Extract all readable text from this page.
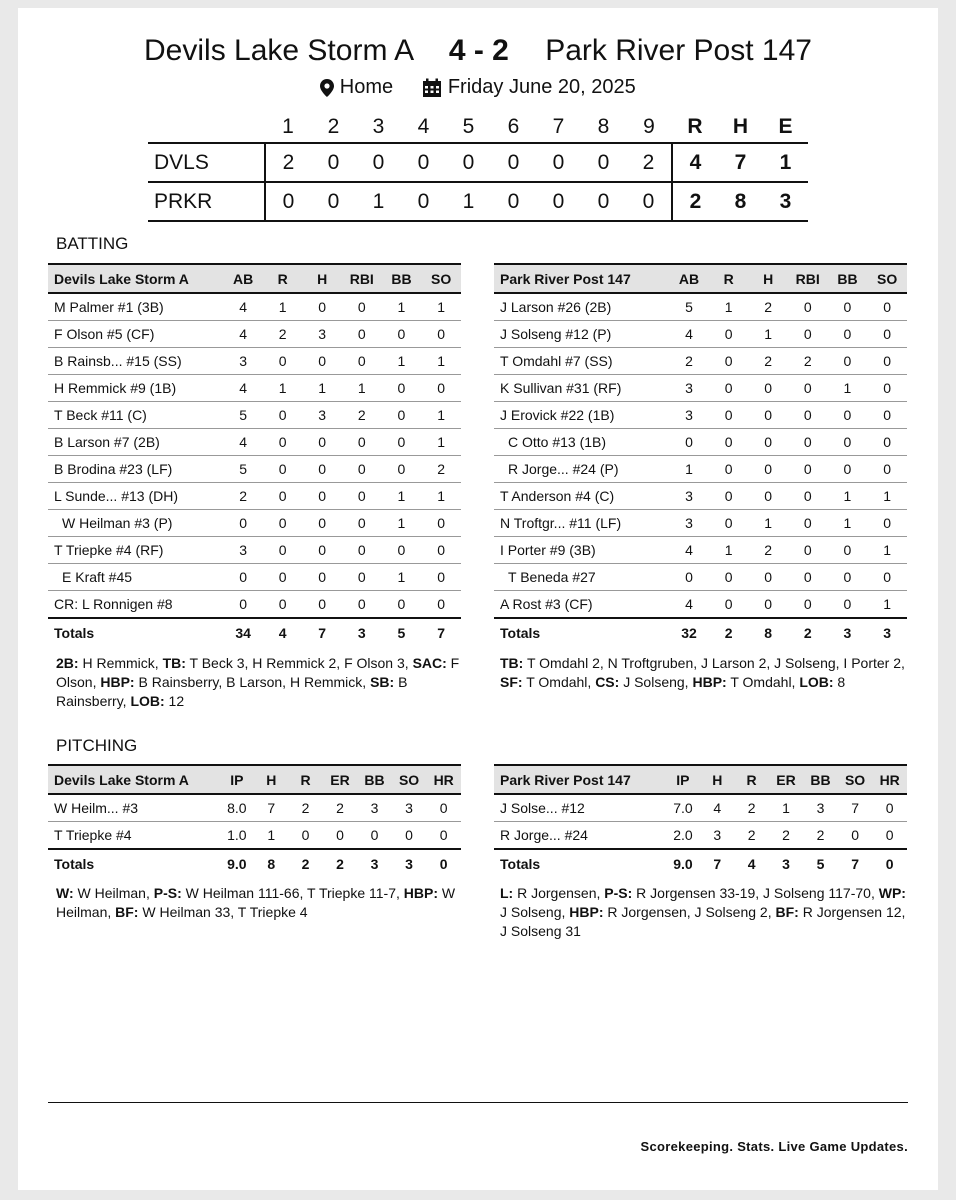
Devils Lake Storm A 4 - 2 Park River Post 147
Home	Friday June 20, 2025
	1	2	3	4	5	6	7	8	9	R	H	E
DVLS	2	0	0	0	0	0	0	0	2	4	7	1
PRKR	0	0	1	0	1	0	0	0	0	2	8	3
BATTING
Devils Lake Storm A	AB	R	H	RBI	BB	SO
M Palmer #1 (3B)	4	1	0	0	1	1
F Olson #5 (CF)	4	2	3	0	0	0
B Rainsb... #15 (SS)	3	0	0	0	1	1
H Remmick #9 (1B)	4	1	1	1	0	0
T Beck #11 (C)	5	0	3	2	0	1
B Larson #7 (2B)	4	0	0	0	0	1
B Brodina #23 (LF)	5	0	0	0	0	2
L Sunde... #13 (DH)	2	0	0	0	1	1
W Heilman #3 (P)	0	0	0	0	1	0
T Triepke #4 (RF)	3	0	0	0	0	0
E Kraft #45	0	0	0	0	1	0
CR: L Ronnigen #8	0	0	0	0	0	0
Totals	34	4	7	3	5	7
Park River Post 147	AB	R	H	RBI	BB	SO
J Larson #26 (2B)	5	1	2	0	0	0
J Solseng #12 (P)	4	0	1	0	0	0
T Omdahl #7 (SS)	2	0	2	2	0	0
K Sullivan #31 (RF)	3	0	0	0	1	0
J Erovick #22 (1B)	3	0	0	0	0	0
C Otto #13 (1B)	0	0	0	0	0	0
R Jorge... #24 (P)	1	0	0	0	0	0
T Anderson #4 (C)	3	0	0	0	1	1
N Troftgr... #11 (LF)	3	0	1	0	1	0
I Porter #9 (3B)	4	1	2	0	0	1
T Beneda #27	0	0	0	0	0	0
A Rost #3 (CF)	4	0	0	0	0	1
Totals	32	2	8	2	3	3
2B: H Remmick, TB: T Beck 3, H Remmick 2, F Olson 3, SAC: F Olson, HBP: B Rainsberry, B Larson, H Remmick, SB: B Rainsberry, LOB: 12
TB: T Omdahl 2, N Troftgruben, J Larson 2, J Solseng, I Porter 2, SF: T Omdahl, CS: J Solseng, HBP: T Omdahl, LOB: 8
PITCHING
Devils Lake Storm A	IP	H	R	ER	BB	SO	HR
W Heilm... #3	8.0	7	2	2	3	3	0
T Triepke #4	1.0	1	0	0	0	0	0
Totals	9.0	8	2	2	3	3	0
Park River Post 147	IP	H	R	ER	BB	SO	HR
J Solse... #12	7.0	4	2	1	3	7	0
R Jorge... #24	2.0	3	2	2	2	0	0
Totals	9.0	7	4	3	5	7	0
W: W Heilman, P-S: W Heilman 111-66, T Triepke 11-7, HBP: W Heilman, BF: W Heilman 33, T Triepke 4
L: R Jorgensen, P-S: R Jorgensen 33-19, J Solseng 117-70, WP: J Solseng, HBP: R Jorgensen, J Solseng 2, BF: R Jorgensen 12, J Solseng 31
Scorekeeping. Stats. Live Game Updates.
